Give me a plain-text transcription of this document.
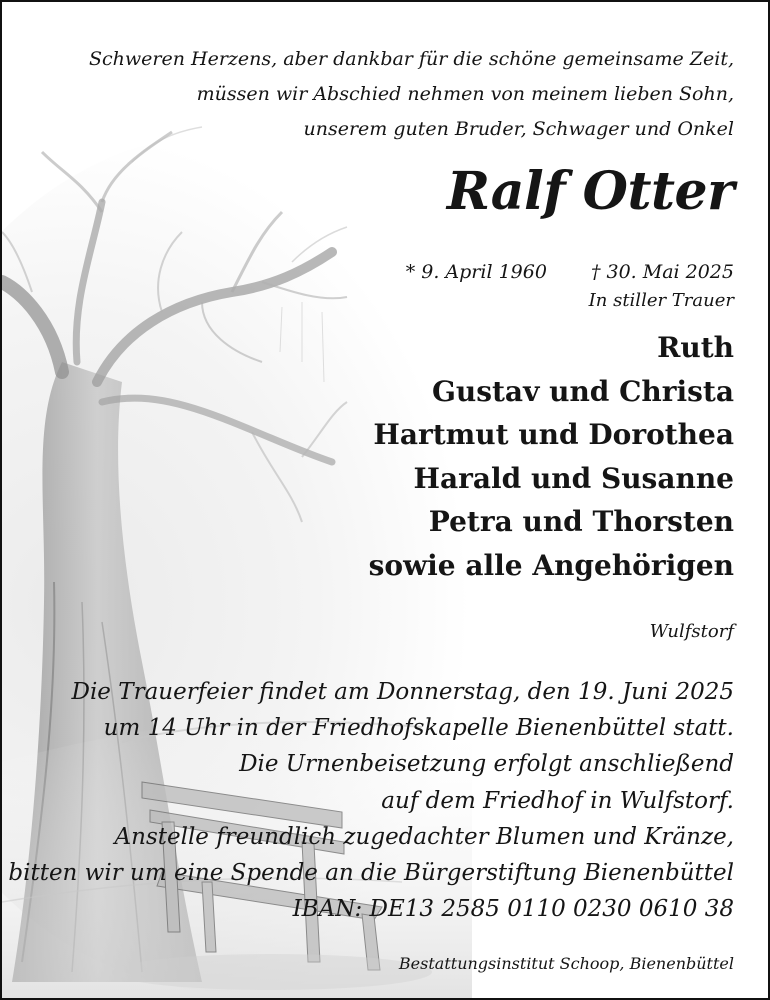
Schweren Herzens, aber dankbar für die schöne gemeinsame Zeit,
müssen wir Abschied nehmen von meinem lieben Sohn,
unserem guten Bruder, Schwager und Onkel
Ralf Otter
* 9. April 1960 † 30. Mai 2025
In stiller Trauer
Ruth
Gustav und Christa
Hartmut und Dorothea
Harald und Susanne
Petra und Thorsten
sowie alle Angehörigen
Wulfstorf
Die Trauerfeier findet am Donnerstag, den 19. Juni 2025
um 14 Uhr in der Friedhofskapelle Bienenbüttel statt.
Die Urnenbeisetzung erfolgt anschließend
auf dem Friedhof in Wulfstorf.
Anstelle freundlich zugedachter Blumen und Kränze,
bitten wir um eine Spende an die Bürgerstiftung Bienenbüttel
IBAN: DE13 2585 0110 0230 0610 38
Bestattungsinstitut Schoop, Bienenbüttel
